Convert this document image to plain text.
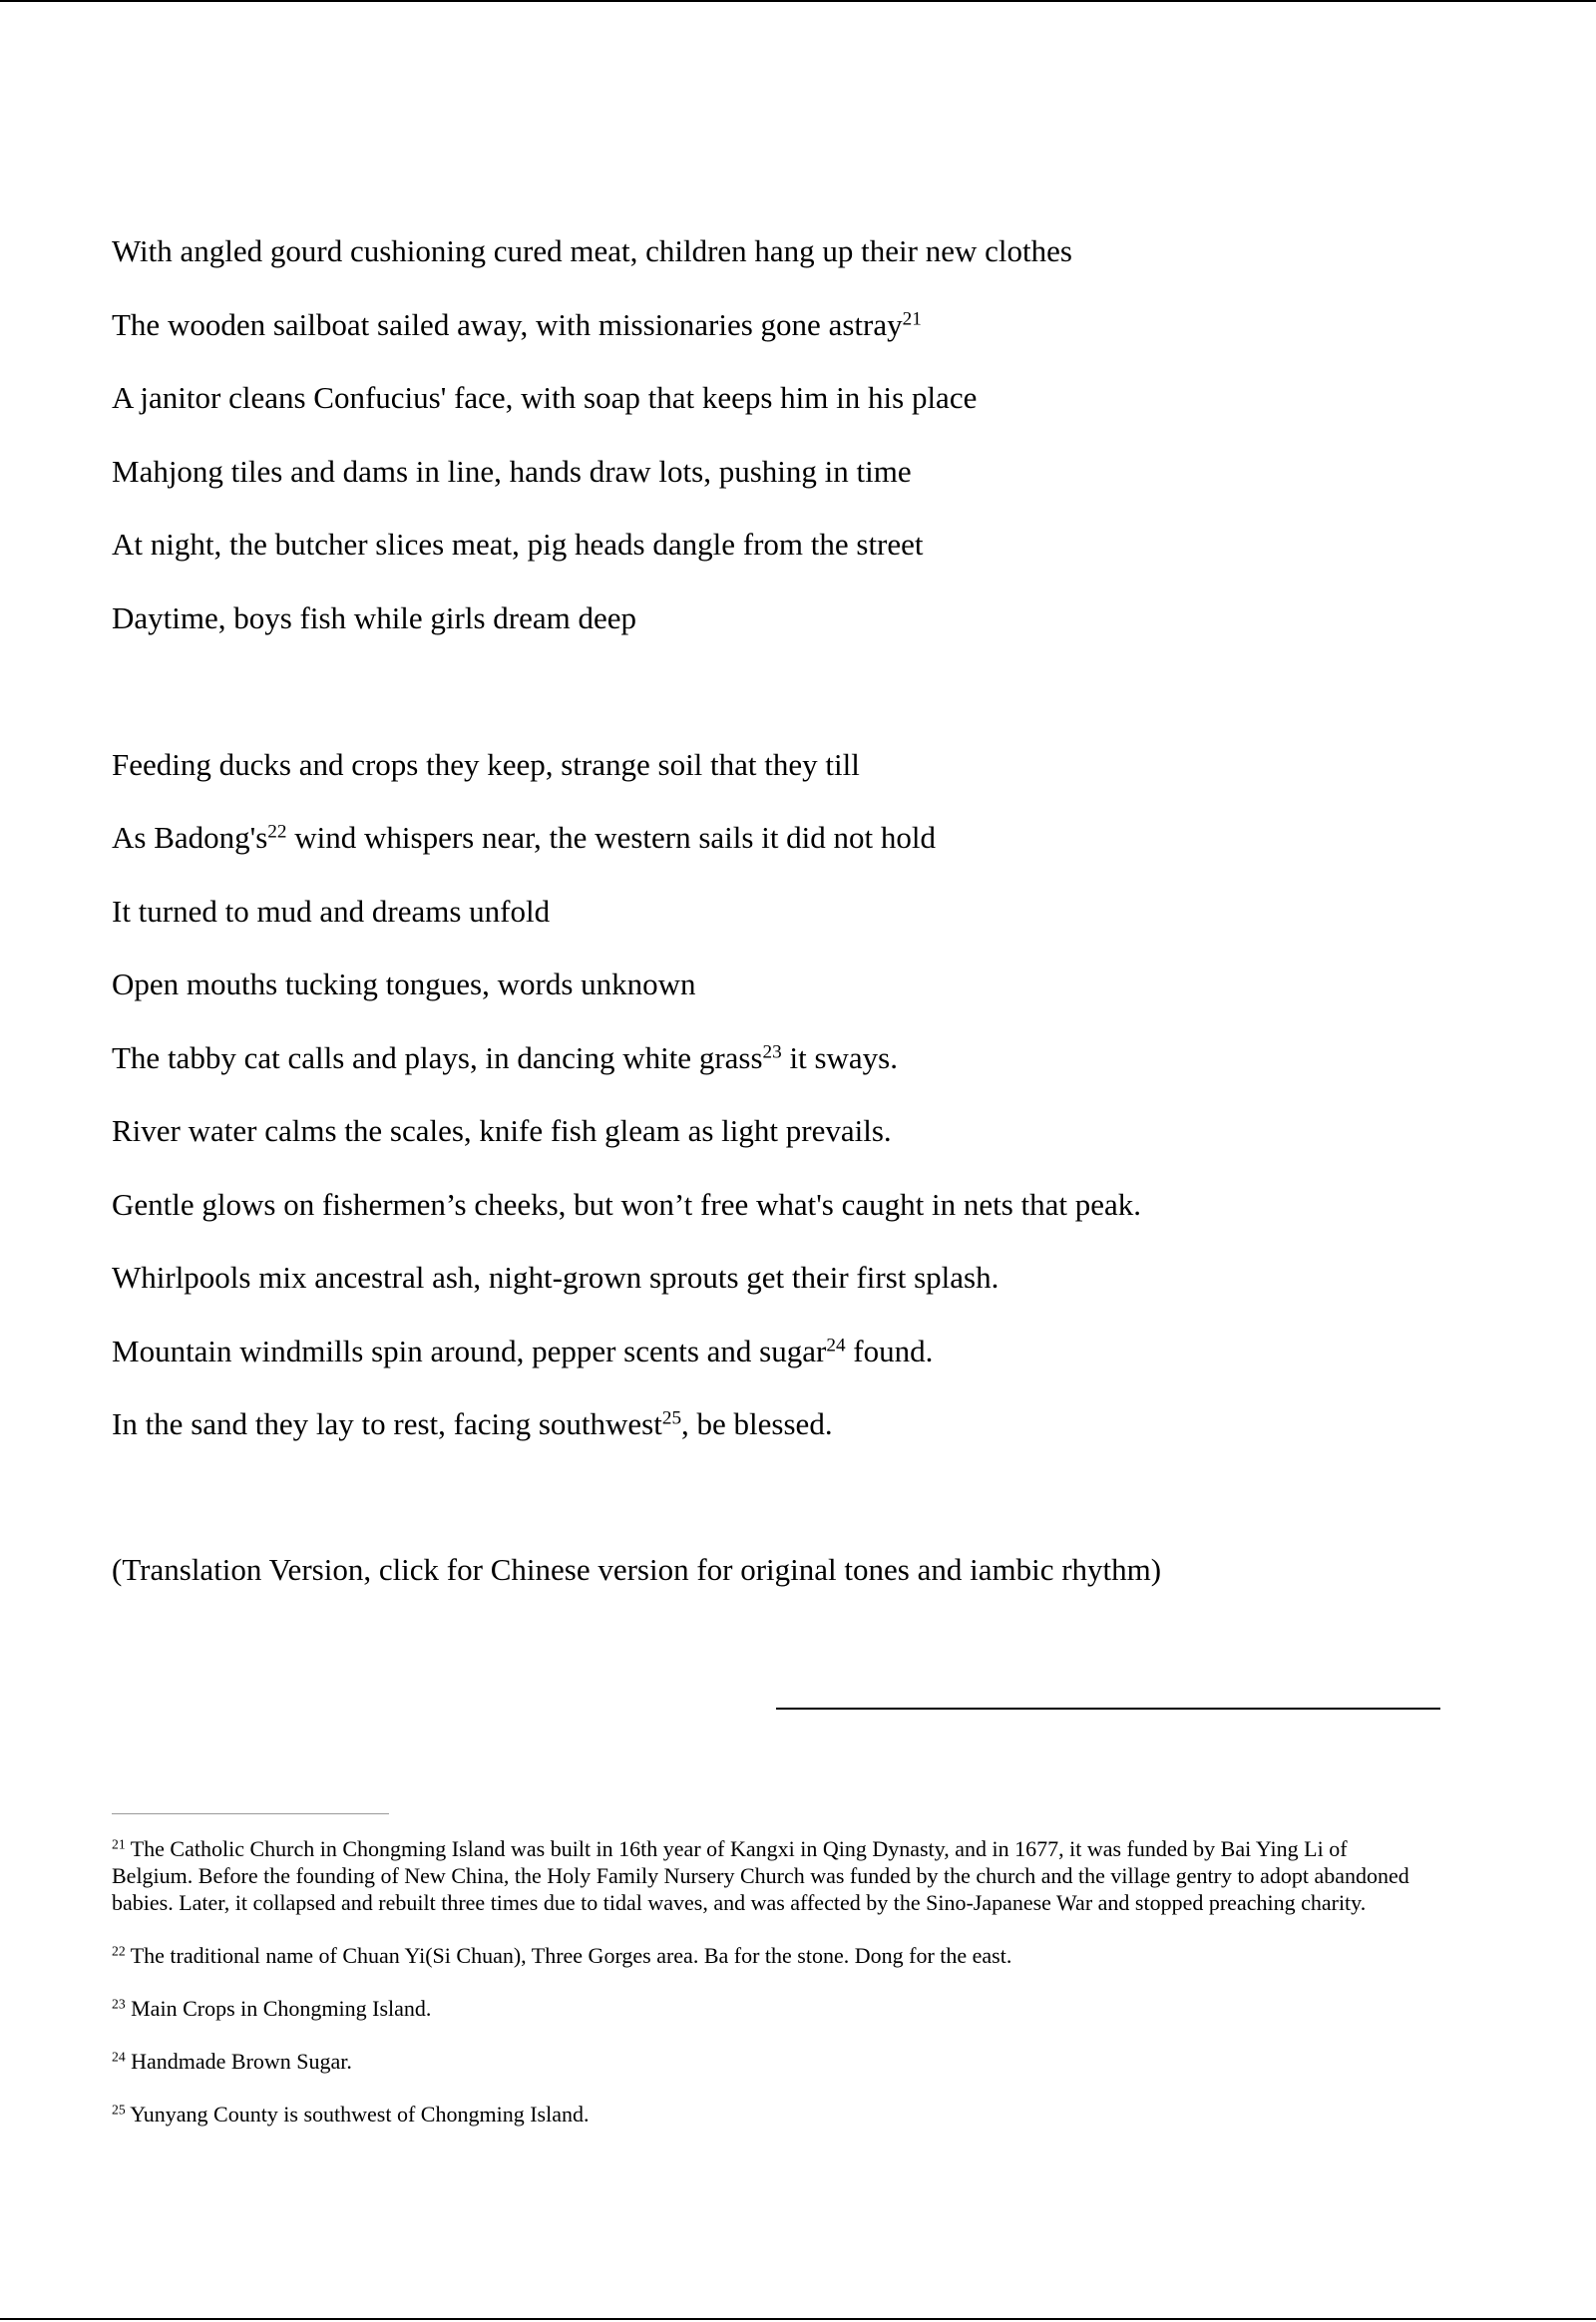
With angled gourd cushioning cured meat, children hang up their new clothes
The wooden sailboat sailed away, with missionaries gone astray$^{21}$
A janitor cleans Confucius' face, with soap that keeps him in his place
Mahjong tiles and dams in line, hands draw lots, pushing in time
At night, the butcher slices meat, pig heads dangle from the street
Daytime, boys fish while girls dream deep
Feeding ducks and crops they keep, strange soil that they till
As $Badong's^{22}$ wind whispers near, the western sails it did not hold
It turned to mud and dreams unfold
Open mouths tucking tongues, words unknown
The tabby cat calls and plays, in dancing white grass$^{23}$ it sways.
River water calms the scales, knife fish gleam as light prevails.
Gentle glows on fishermen’s cheeks, but won’t free what's caught in nets that peak.
Whirlpools mix ancestral ash, night-grown sprouts get their first splash.
Mountain windmills spin around, pepper scents and sugar$^{24}$ found.
In the sand they lay to rest, facing southwest$^{25}$, be blessed.
(Translation Version, click for Chinese version for original tones and iambic rhythm)

$^{21}$ The Catholic Church in Chongming Island was built in 16th year of Kangxi in Qing Dynasty, and in 1677, it was funded by Bai Ying Li of Belgium. Before the founding of New China, the Holy Family Nursery Church was funded by the church and the village gentry to adopt abandoned babies. Later, it collapsed and rebuilt three times due to tidal waves, and was affected by the Sino-Japanese War and stopped preaching charity.

$^{22}$ The traditional name of Chuan Yi(Si Chuan), Three Gorges area. Ba for the stone. Dong for the east.

$^{23}$ Main Crops in Chongming Island.

$^{24}$ Handmade Brown Sugar.

$^{25}$ Yunyang County is southwest of Chongming Island.
